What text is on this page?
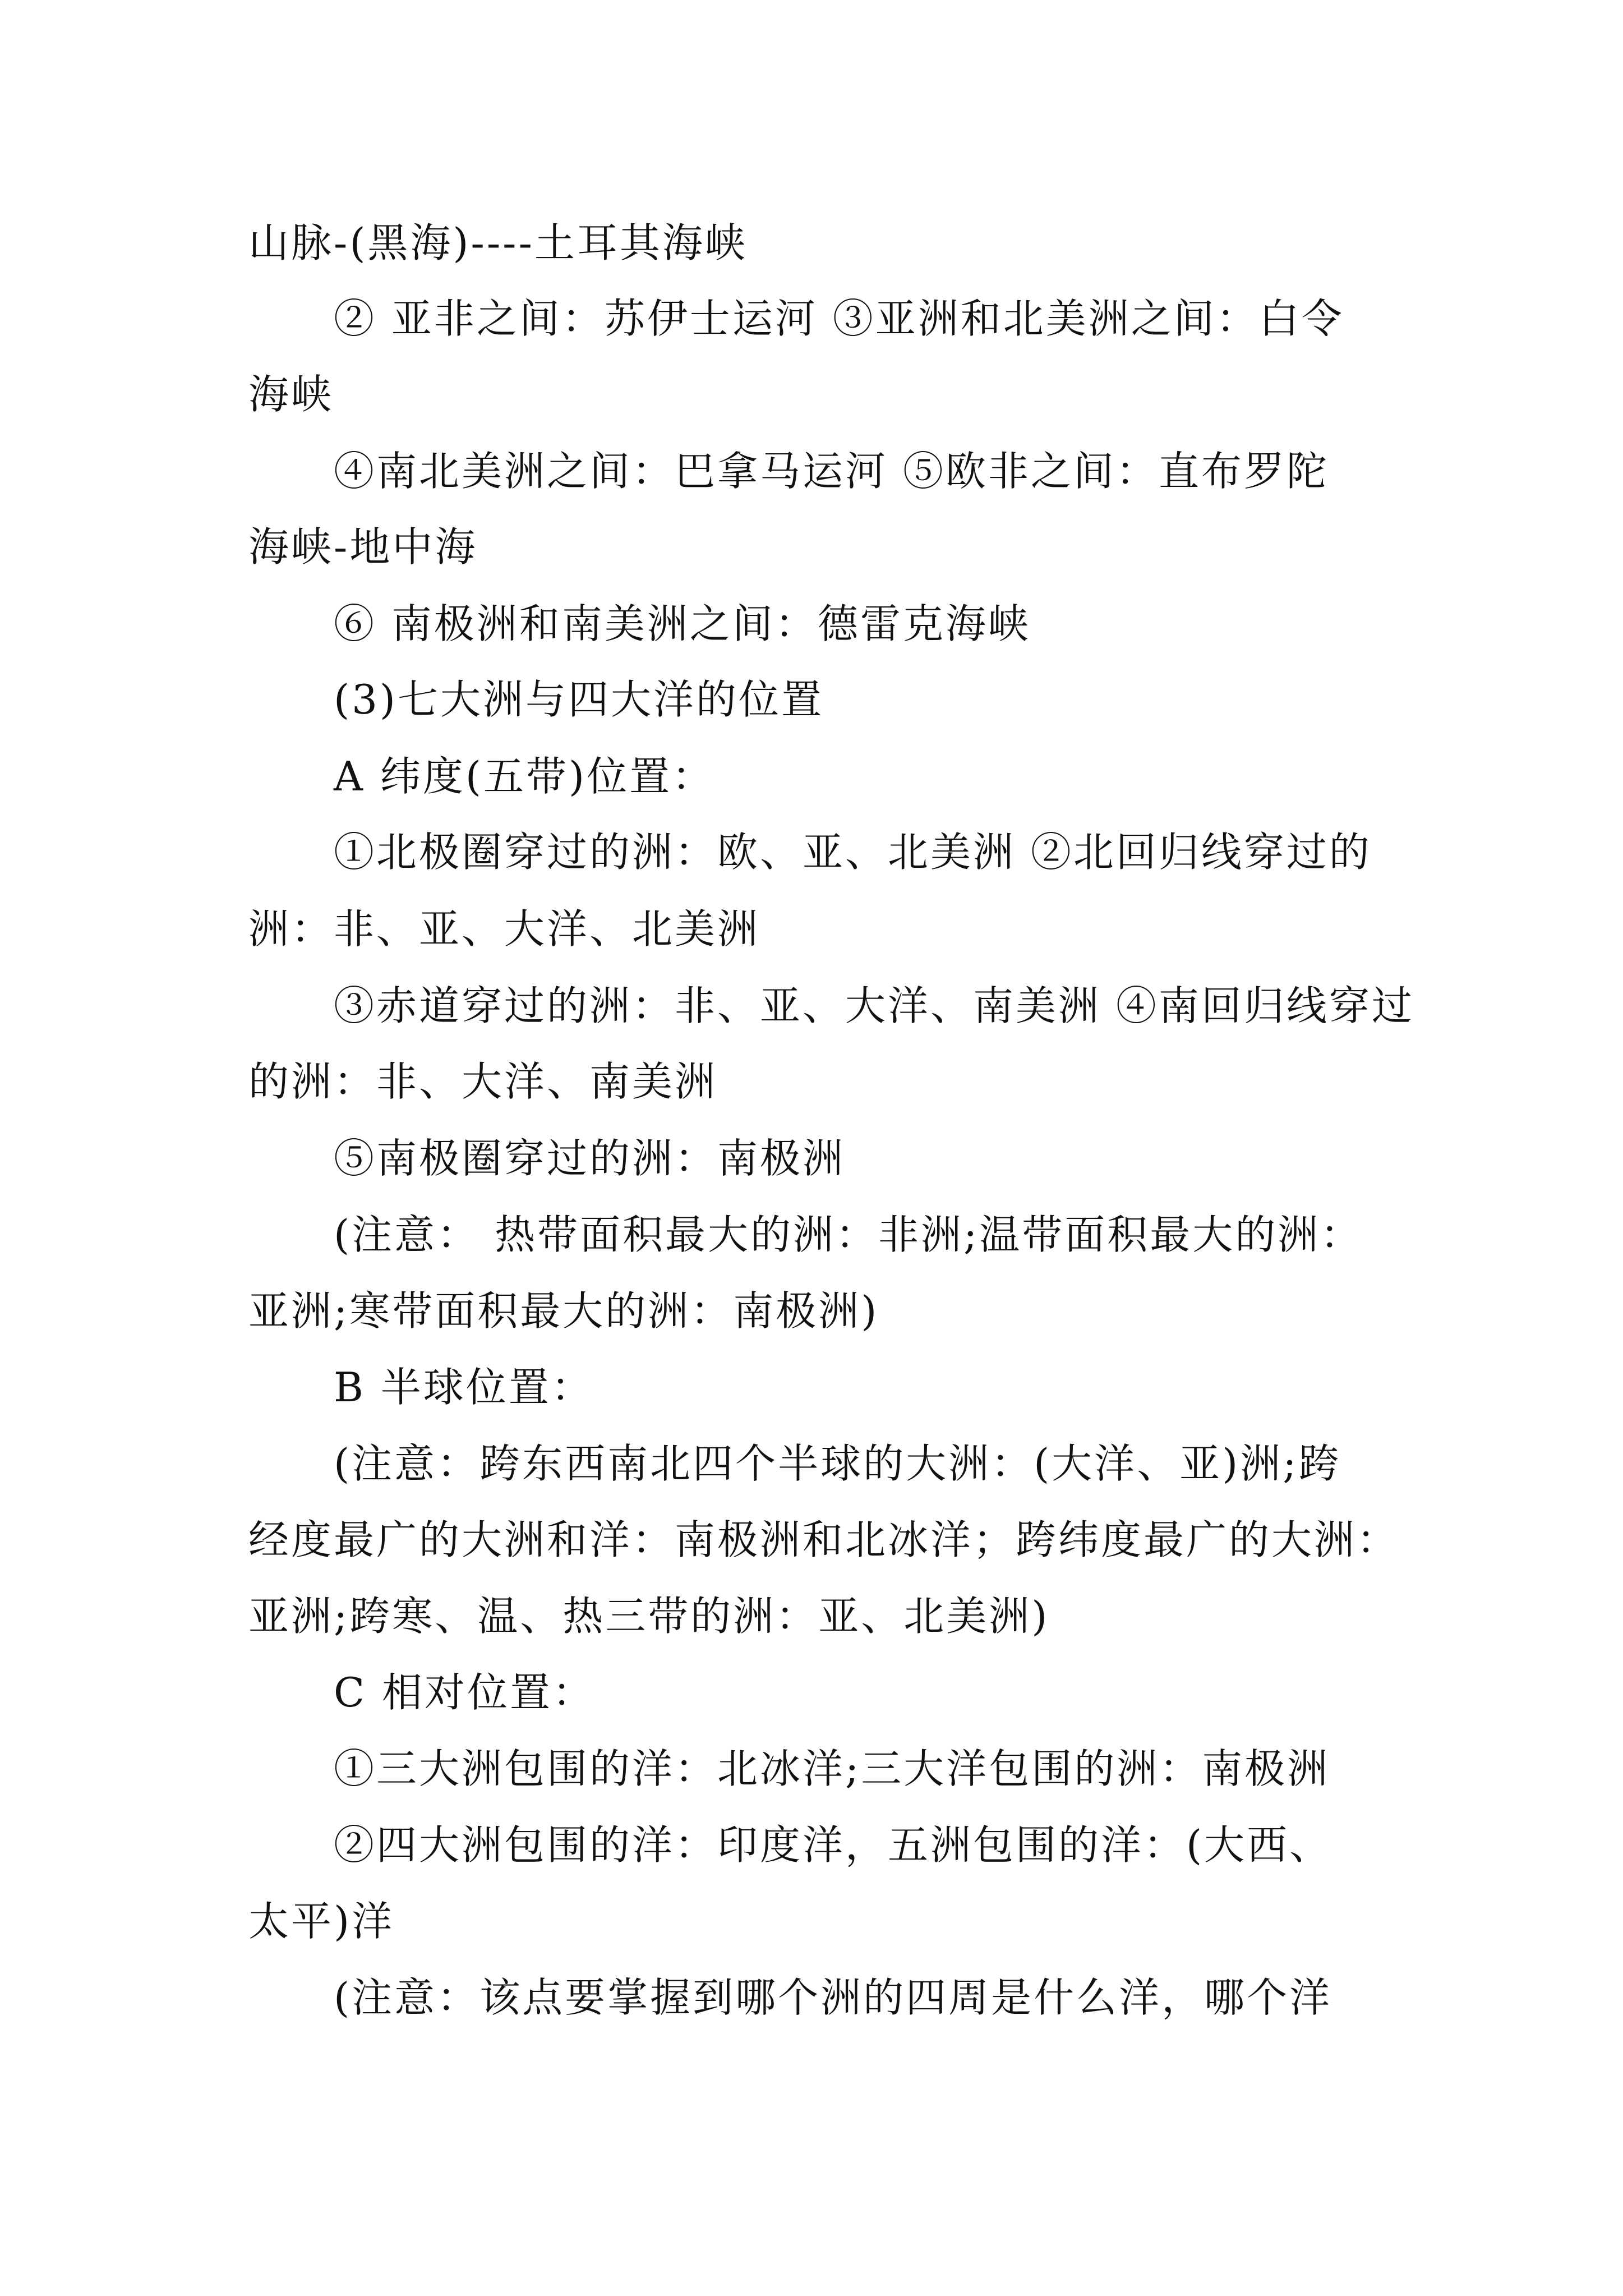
山脉-(黑海)----土耳其海峡
② 亚非之间：苏伊士运河 ③亚洲和北美洲之间：白令
海峡
④南北美洲之间：巴拿马运河 ⑤欧非之间：直布罗陀
海峡-地中海
⑥ 南极洲和南美洲之间：德雷克海峡
(3)七大洲与四大洋的位置
A 纬度(五带)位置：
①北极圈穿过的洲：欧、亚、北美洲 ②北回归线穿过的
洲：非、亚、大洋、北美洲
③赤道穿过的洲：非、亚、大洋、南美洲 ④南回归线穿过
的洲：非、大洋、南美洲
⑤南极圈穿过的洲：南极洲
(注意： 热带面积最大的洲：非洲;温带面积最大的洲：
亚洲;寒带面积最大的洲：南极洲)
B 半球位置：
(注意：跨东西南北四个半球的大洲：(大洋、亚)洲;跨
经度最广的大洲和洋：南极洲和北冰洋；跨纬度最广的大洲：
亚洲;跨寒、温、热三带的洲：亚、北美洲)
C 相对位置：
①三大洲包围的洋：北冰洋;三大洋包围的洲：南极洲
②四大洲包围的洋：印度洋，五洲包围的洋：(大西、
太平)洋
(注意：该点要掌握到哪个洲的四周是什么洋，哪个洋
